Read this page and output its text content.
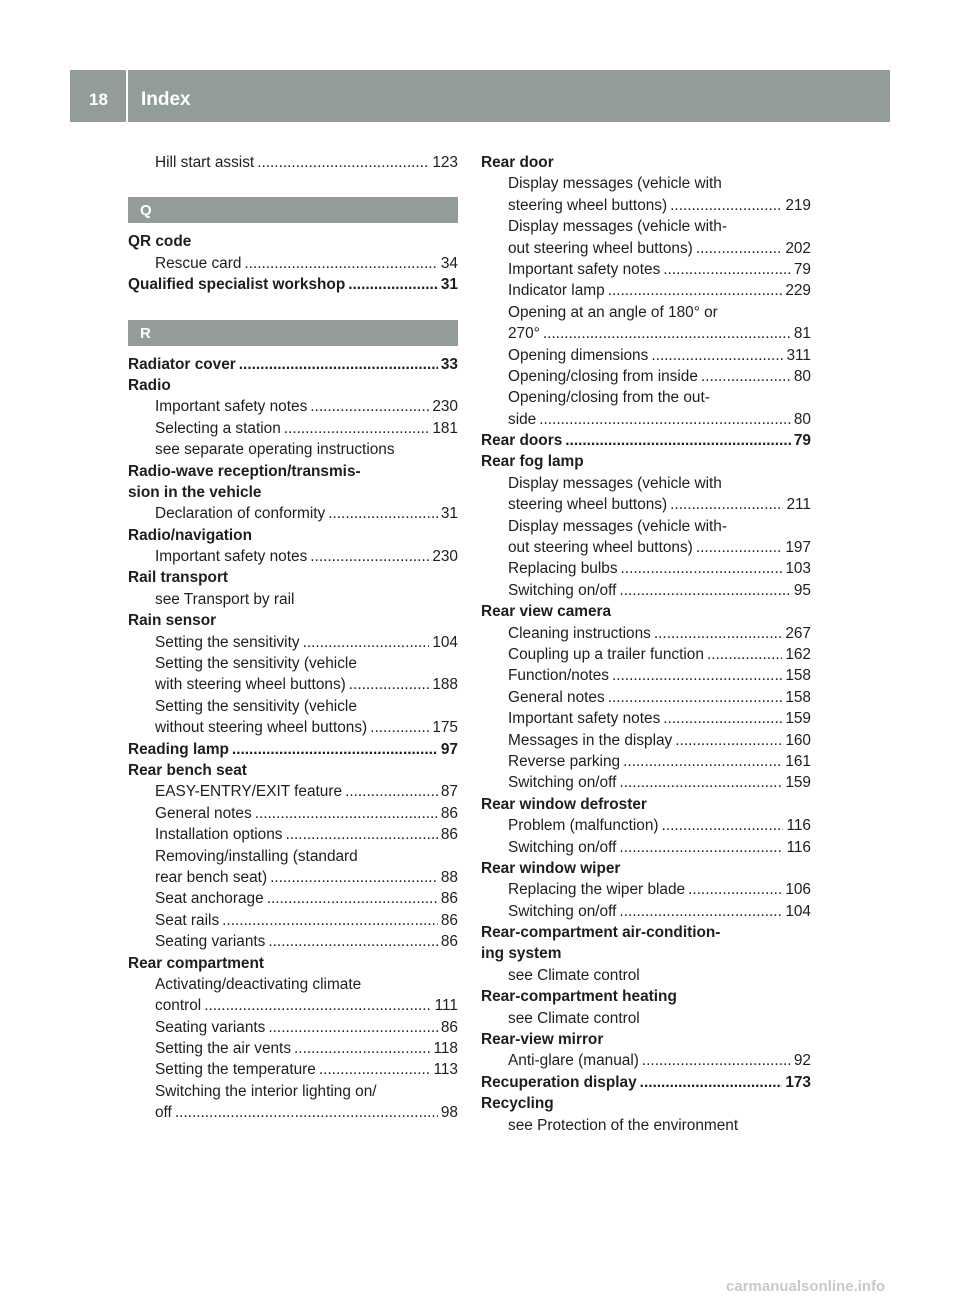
18	Index
Hill start assist .....	123
Q
QR code
Rescue card .....	34
Qualified specialist workshop .....	31
R
Radiator cover .....	33
Radio
Important safety notes .....	230
Selecting a station .....	181
see separate operating instructions
Radio-wave reception/transmis-
sion in the vehicle
Declaration of conformity .....	31
Radio/navigation
Important safety notes .....	230
Rail transport
see Transport by rail
Rain sensor
Setting the sensitivity .....	104
Setting the sensitivity (vehicle
with steering wheel buttons) .....	188
Setting the sensitivity (vehicle
without steering wheel buttons) .....	175
Reading lamp .....	97
Rear bench seat
EASY-ENTRY/EXIT feature .....	87
General notes .....	86
Installation options .....	86
Removing/installing (standard
rear bench seat) .....	88
Seat anchorage .....	86
Seat rails .....	86
Seating variants .....	86
Rear compartment
Activating/deactivating climate
control .....	111
Seating variants .....	86
Setting the air vents .....	118
Setting the temperature .....	113
Switching the interior lighting on/
off .....	98
Rear door
Display messages (vehicle with
steering wheel buttons) .....	219
Display messages (vehicle with-
out steering wheel buttons) .....	202
Important safety notes .....	79
Indicator lamp .....	229
Opening at an angle of 180° or
270° .....	81
Opening dimensions .....	311
Opening/closing from inside .....	80
Opening/closing from the out-
side .....	80
Rear doors .....	79
Rear fog lamp
Display messages (vehicle with
steering wheel buttons) .....	211
Display messages (vehicle with-
out steering wheel buttons) .....	197
Replacing bulbs .....	103
Switching on/off .....	95
Rear view camera
Cleaning instructions .....	267
Coupling up a trailer function .....	162
Function/notes .....	158
General notes .....	158
Important safety notes .....	159
Messages in the display .....	160
Reverse parking .....	161
Switching on/off .....	159
Rear window defroster
Problem (malfunction) .....	116
Switching on/off .....	116
Rear window wiper
Replacing the wiper blade .....	106
Switching on/off .....	104
Rear-compartment air-condition-
ing system
see Climate control
Rear-compartment heating
see Climate control
Rear-view mirror
Anti-glare (manual) .....	92
Recuperation display .....	173
Recycling
see Protection of the environment
carmanualsonline.info
